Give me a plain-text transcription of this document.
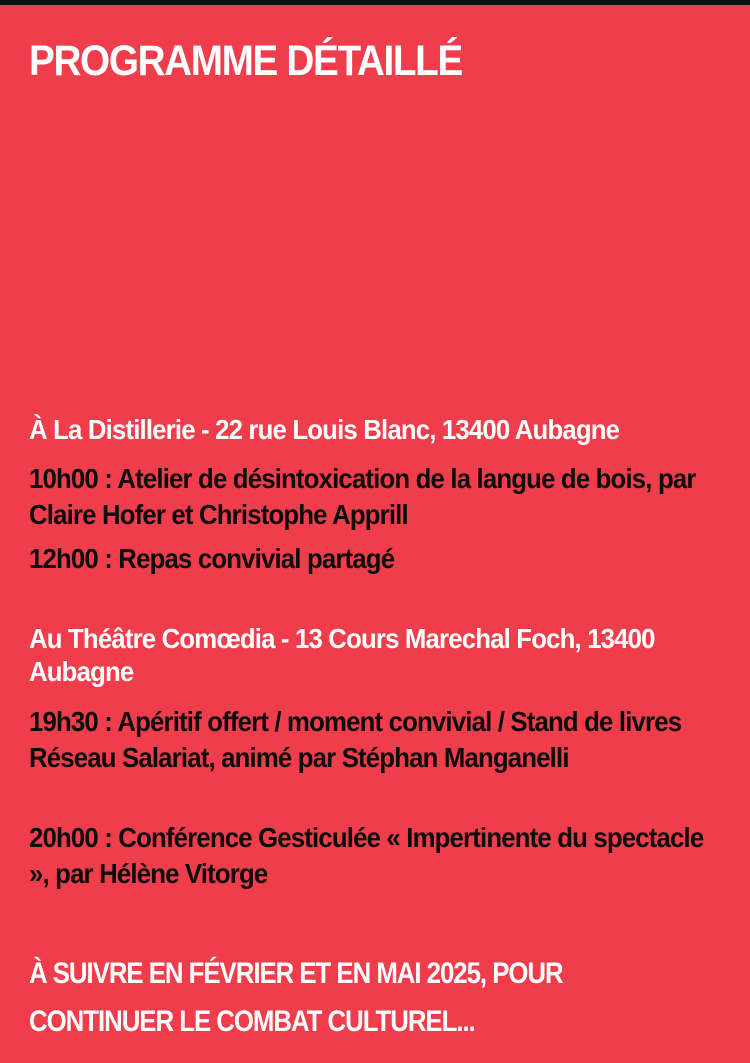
PROGRAMME DÉTAILLÉ

À La Distillerie - 22 rue Louis Blanc, 13400 Aubagne

10h00 : Atelier de désintoxication de la langue de bois, par Claire Hofer et Christophe Apprill

12h00 : Repas convivial partagé

Au Théâtre Comœdia - 13 Cours Marechal Foch, 13400 Aubagne

19h30 : Apéritif offert / moment convivial / Stand de livres Réseau Salariat, animé par Stéphan Manganelli

20h00 : Conférence Gesticulée « Impertinente du spectacle », par Hélène Vitorge

À SUIVRE EN FÉVRIER ET EN MAI 2025, POUR

CONTINUER LE COMBAT CULTUREL...
